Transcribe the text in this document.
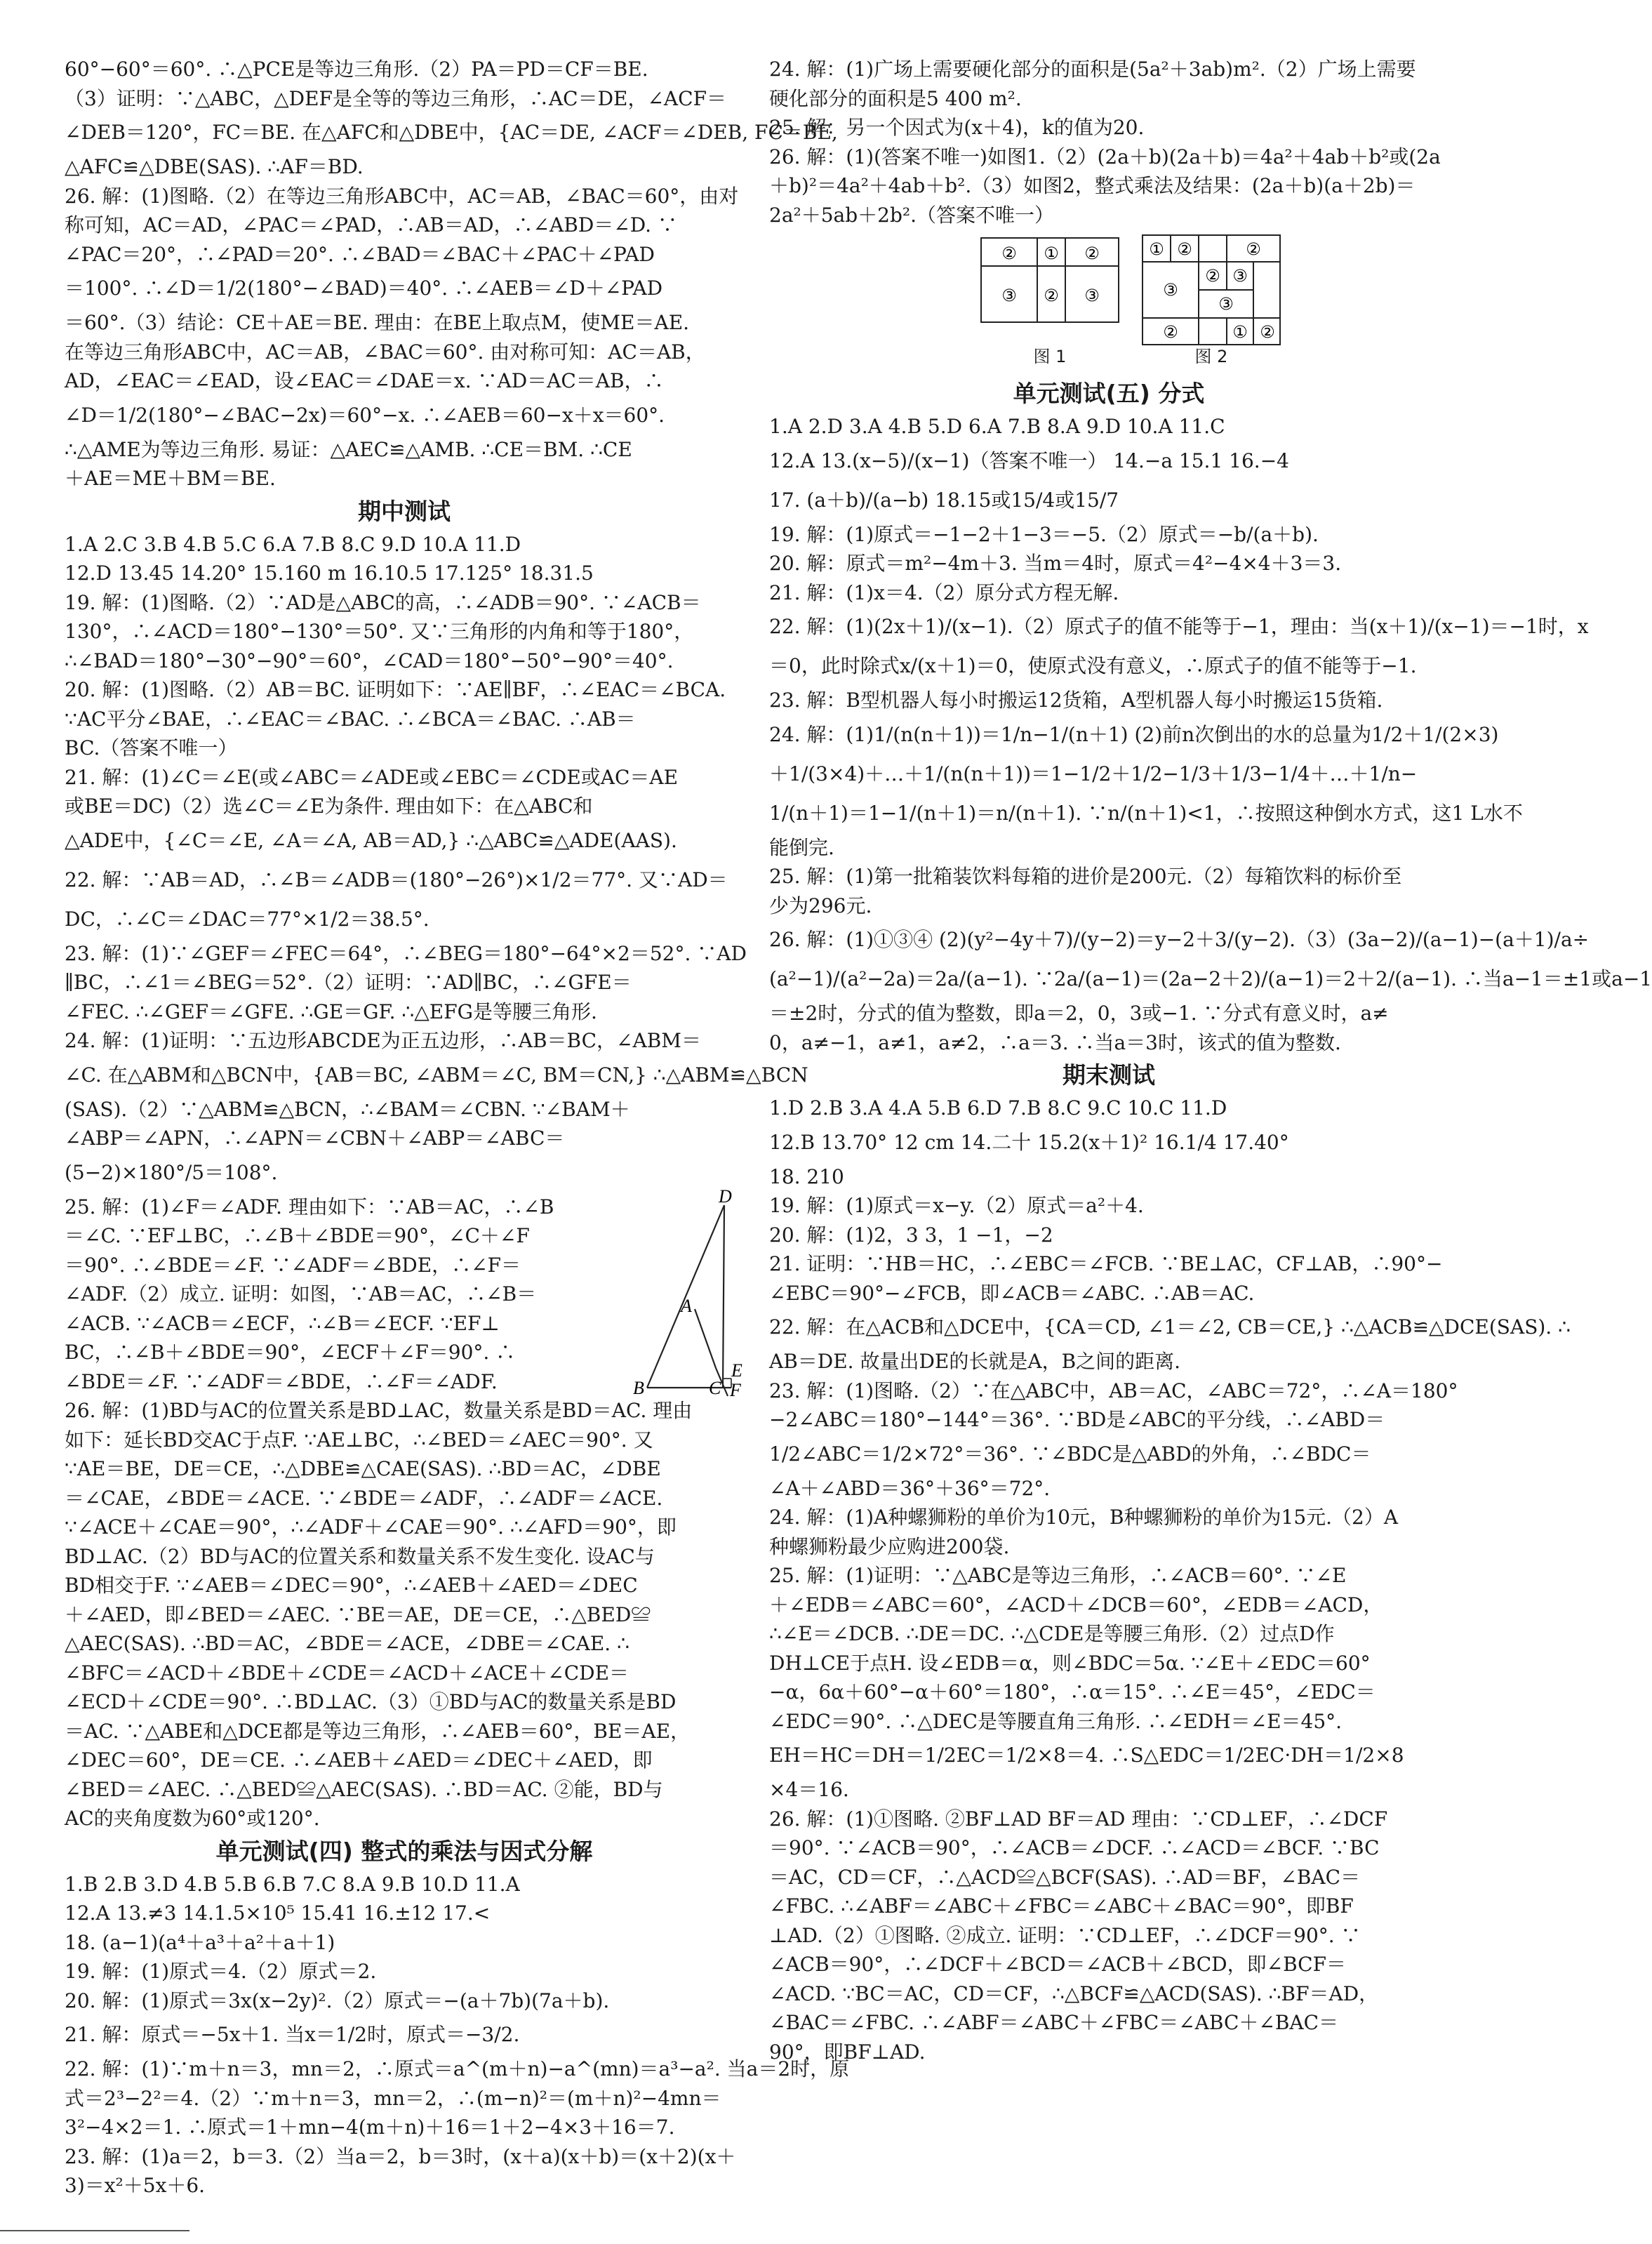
60°−60°＝60°. ∴△PCE是等边三角形.（2）PA＝PD＝CF＝BE.
（3）证明：∵△ABC，△DEF是全等的等边三角形，∴AC＝DE，∠ACF＝
∠DEB＝120°，FC＝BE. 在△AFC和△DBE中，{AC＝DE, ∠ACF＝∠DEB, FC＝BE,
△AFC≌△DBE(SAS). ∴AF＝BD.
26. 解：(1)图略.（2）在等边三角形ABC中，AC＝AB，∠BAC＝60°，由对
称可知，AC＝AD，∠PAC＝∠PAD，∴AB＝AD，∴∠ABD＝∠D. ∵
∠PAC＝20°，∴∠PAD＝20°. ∴∠BAD＝∠BAC＋∠PAC＋∠PAD
＝100°. ∴∠D＝1/2(180°−∠BAD)＝40°. ∴∠AEB＝∠D＋∠PAD
＝60°.（3）结论：CE＋AE＝BE. 理由：在BE上取点M，使ME＝AE.
在等边三角形ABC中，AC＝AB，∠BAC＝60°. 由对称可知：AC＝AB，
AD，∠EAC＝∠EAD，设∠EAC＝∠DAE＝x. ∵AD＝AC＝AB，∴
∠D＝1/2(180°−∠BAC−2x)＝60°−x. ∴∠AEB＝60−x＋x＝60°.
∴△AME为等边三角形. 易证：△AEC≌△AMB. ∴CE＝BM. ∴CE
＋AE＝ME＋BM＝BE.
期中测试
1.A 2.C 3.B 4.B 5.C 6.A 7.B 8.C 9.D 10.A 11.D
12.D 13.45 14.20° 15.160 m 16.10.5 17.125° 18.31.5
19. 解：(1)图略.（2）∵AD是△ABC的高，∴∠ADB＝90°. ∵∠ACB＝
130°，∴∠ACD＝180°−130°＝50°. 又∵三角形的内角和等于180°，
∴∠BAD＝180°−30°−90°＝60°，∠CAD＝180°−50°−90°＝40°.
20. 解：(1)图略.（2）AB＝BC. 证明如下：∵AE∥BF，∴∠EAC＝∠BCA.
∵AC平分∠BAE，∴∠EAC＝∠BAC. ∴∠BCA＝∠BAC. ∴AB＝
BC.（答案不唯一）
21. 解：(1)∠C＝∠E(或∠ABC＝∠ADE或∠EBC＝∠CDE或AC＝AE
或BE＝DC)（2）选∠C＝∠E为条件. 理由如下：在△ABC和
△ADE中，{∠C＝∠E, ∠A＝∠A, AB＝AD,} ∴△ABC≌△ADE(AAS).
22. 解：∵AB＝AD，∴∠B＝∠ADB＝(180°−26°)×1/2＝77°. 又∵AD＝
DC，∴∠C＝∠DAC＝77°×1/2＝38.5°.
23. 解：(1)∵∠GEF＝∠FEC＝64°，∴∠BEG＝180°−64°×2＝52°. ∵AD
∥BC，∴∠1＝∠BEG＝52°.（2）证明：∵AD∥BC，∴∠GFE＝
∠FEC. ∴∠GEF＝∠GFE. ∴GE＝GF. ∴△EFG是等腰三角形.
24. 解：(1)证明：∵五边形ABCDE为正五边形，∴AB＝BC，∠ABM＝
∠C. 在△ABM和△BCN中，{AB＝BC, ∠ABM＝∠C, BM＝CN,} ∴△ABM≌△BCN
(SAS).（2）∵△ABM≌△BCN，∴∠BAM＝∠CBN. ∵∠BAM＋
∠ABP＝∠APN，∴∠APN＝∠CBN＋∠ABP＝∠ABC＝
(5−2)×180°/5＝108°.
25. 解：(1)∠F＝∠ADF. 理由如下：∵AB＝AC，∴∠B
＝∠C. ∵EF⊥BC，∴∠B＋∠BDE＝90°，∠C＋∠F
＝90°. ∴∠BDE＝∠F. ∵∠ADF＝∠BDE，∴∠F＝
∠ADF.（2）成立. 证明：如图，∵AB＝AC，∴∠B＝
∠ACB. ∵∠ACB＝∠ECF，∴∠B＝∠ECF. ∵EF⊥
BC，∴∠B＋∠BDE＝90°，∠ECF＋∠F＝90°. ∴
∠BDE＝∠F. ∵∠ADF＝∠BDE，∴∠F＝∠ADF.
D
A
B	C
E
F
26. 解：(1)BD与AC的位置关系是BD⊥AC，数量关系是BD＝AC. 理由
如下：延长BD交AC于点F. ∵AE⊥BC，∴∠BED＝∠AEC＝90°. 又
∵AE＝BE，DE＝CE，∴△DBE≌△CAE(SAS). ∴BD＝AC，∠DBE
＝∠CAE，∠BDE＝∠ACE. ∵∠BDE＝∠ADF，∴∠ADF＝∠ACE.
∵∠ACE＋∠CAE＝90°，∴∠ADF＋∠CAE＝90°. ∴∠AFD＝90°，即
BD⊥AC.（2）BD与AC的位置关系和数量关系不发生变化. 设AC与
BD相交于F. ∵∠AEB＝∠DEC＝90°，∴∠AEB＋∠AED＝∠DEC
＋∠AED，即∠BED＝∠AEC. ∵BE＝AE，DE＝CE，∴△BED≌
△AEC(SAS). ∴BD＝AC，∠BDE＝∠ACE，∠DBE＝∠CAE. ∴
∠BFC＝∠ACD＋∠BDE＋∠CDE＝∠ACD＋∠ACE＋∠CDE＝
∠ECD＋∠CDE＝90°. ∴BD⊥AC.（3）①BD与AC的数量关系是BD
＝AC. ∵△ABE和△DCE都是等边三角形，∴∠AEB＝60°，BE＝AE，
∠DEC＝60°，DE＝CE. ∴∠AEB＋∠AED＝∠DEC＋∠AED，即
∠BED＝∠AEC. ∴△BED≌△AEC(SAS). ∴BD＝AC. ②能，BD与
AC的夹角度数为60°或120°.
单元测试(四) 整式的乘法与因式分解
1.B 2.B 3.D 4.B 5.B 6.B 7.C 8.A 9.B 10.D 11.A
12.A 13.≠3 14.1.5×10⁵ 15.41 16.±12 17.<
18. (a−1)(a⁴＋a³＋a²＋a＋1)
19. 解：(1)原式＝4.（2）原式＝2.
20. 解：(1)原式＝3x(x−2y)².（2）原式＝−(a＋7b)(7a＋b).
21. 解：原式＝−5x＋1. 当x＝1/2时，原式＝−3/2.
22. 解：(1)∵m＋n＝3，mn＝2，∴原式＝a^(m＋n)−a^(mn)＝a³−a². 当a＝2时，原
式＝2³−2²＝4.（2）∵m＋n＝3，mn＝2，∴(m−n)²＝(m＋n)²−4mn＝
3²−4×2＝1. ∴原式＝1＋mn−4(m＋n)＋16＝1＋2−4×3＋16＝7.
23. 解：(1)a＝2，b＝3.（2）当a＝2，b＝3时，(x＋a)(x＋b)＝(x＋2)(x＋
3)＝x²＋5x＋6.
24. 解：(1)广场上需要硬化部分的面积是(5a²＋3ab)m².（2）广场上需要
硬化部分的面积是5 400 m².
25. 解：另一个因式为(x＋4)，k的值为20.
26. 解：(1)(答案不唯一)如图1.（2）(2a＋b)(2a＋b)＝4a²＋4ab＋b²或(2a
＋b)²＝4a²＋4ab＋b².（3）如图2，整式乘法及结果：(2a＋b)(a＋2b)＝
2a²＋5ab＋2b².（答案不唯一）
② ① ②
③ ② ③
图 1
① ②	②
③
② ③
③
②	① ②
图 2
单元测试(五) 分式
1.A 2.D 3.A 4.B 5.D 6.A 7.B 8.A 9.D 10.A 11.C
12.A 13.(x−5)/(x−1)（答案不唯一） 14.−a 15.1 16.−4
17. (a＋b)/(a−b) 18.15或15/4或15/7
19. 解：(1)原式＝−1−2＋1−3＝−5.（2）原式＝−b/(a＋b).
20. 解：原式＝m²−4m＋3. 当m＝4时，原式＝4²−4×4＋3＝3.
21. 解：(1)x＝4.（2）原分式方程无解.
22. 解：(1)(2x＋1)/(x−1).（2）原式子的值不能等于−1，理由：当(x＋1)/(x−1)＝−1时，x
＝0，此时除式x/(x＋1)＝0，使原式没有意义，∴原式子的值不能等于−1.
23. 解：B型机器人每小时搬运12货箱，A型机器人每小时搬运15货箱.
24. 解：(1)1/(n(n＋1))＝1/n−1/(n＋1) (2)前n次倒出的水的总量为1/2＋1/(2×3)
＋1/(3×4)＋…＋1/(n(n＋1))＝1−1/2＋1/2−1/3＋1/3−1/4＋…＋1/n−
1/(n＋1)＝1−1/(n＋1)＝n/(n＋1). ∵n/(n＋1)<1，∴按照这种倒水方式，这1 L水不
能倒完.
25. 解：(1)第一批箱装饮料每箱的进价是200元.（2）每箱饮料的标价至
少为296元.
26. 解：(1)①③④ (2)(y²−4y＋7)/(y−2)＝y−2＋3/(y−2).（3）(3a−2)/(a−1)−(a＋1)/a÷
(a²−1)/(a²−2a)＝2a/(a−1). ∵2a/(a−1)＝(2a−2＋2)/(a−1)＝2＋2/(a−1). ∴当a−1＝±1或a−1
＝±2时，分式的值为整数，即a＝2，0，3或−1. ∵分式有意义时，a≠
0，a≠−1，a≠1，a≠2，∴a＝3. ∴当a＝3时，该式的值为整数.
期末测试
1.D 2.B 3.A 4.A 5.B 6.D 7.B 8.C 9.C 10.C 11.D
12.B 13.70° 12 cm 14.二十 15.2(x＋1)² 16.1/4 17.40°
18. 210
19. 解：(1)原式＝x−y.（2）原式＝a²＋4.
20. 解：(1)2，3 3，1 −1，−2
21. 证明：∵HB＝HC，∴∠EBC＝∠FCB. ∵BE⊥AC，CF⊥AB，∴90°−
∠EBC＝90°−∠FCB，即∠ACB＝∠ABC. ∴AB＝AC.
22. 解：在△ACB和△DCE中，{CA＝CD, ∠1＝∠2, CB＝CE,} ∴△ACB≌△DCE(SAS). ∴
AB＝DE. 故量出DE的长就是A，B之间的距离.
23. 解：(1)图略.（2）∵在△ABC中，AB＝AC，∠ABC＝72°，∴∠A＝180°
−2∠ABC＝180°−144°＝36°. ∵BD是∠ABC的平分线，∴∠ABD＝
1/2∠ABC＝1/2×72°＝36°. ∵∠BDC是△ABD的外角，∴∠BDC＝
∠A＋∠ABD＝36°＋36°＝72°.
24. 解：(1)A种螺狮粉的单价为10元，B种螺狮粉的单价为15元.（2）A
种螺狮粉最少应购进200袋.
25. 解：(1)证明：∵△ABC是等边三角形，∴∠ACB＝60°. ∵∠E
＋∠EDB＝∠ABC＝60°，∠ACD＋∠DCB＝60°，∠EDB＝∠ACD，
∴∠E＝∠DCB. ∴DE＝DC. ∴△CDE是等腰三角形.（2）过点D作
DH⊥CE于点H. 设∠EDB＝α，则∠BDC＝5α. ∵∠E＋∠EDC＝60°
−α，6α＋60°−α＋60°＝180°，∴α＝15°. ∴∠E＝45°，∠EDC＝
∠EDC＝90°. ∴△DEC是等腰直角三角形. ∴∠EDH＝∠E＝45°.
EH＝HC＝DH＝1/2EC＝1/2×8＝4. ∴S△EDC＝1/2EC·DH＝1/2×8
×4＝16.
26. 解：(1)①图略. ②BF⊥AD BF＝AD 理由：∵CD⊥EF，∴∠DCF
＝90°. ∵∠ACB＝90°，∴∠ACB＝∠DCF. ∴∠ACD＝∠BCF. ∵BC
＝AC，CD＝CF，∴△ACD≌△BCF(SAS). ∴AD＝BF，∠BAC＝
∠FBC. ∴∠ABF＝∠ABC＋∠FBC＝∠ABC＋∠BAC＝90°，即BF
⊥AD.（2）①图略. ②成立. 证明：∵CD⊥EF，∴∠DCF＝90°. ∵
∠ACB＝90°，∴∠DCF＋∠BCD＝∠ACB＋∠BCD，即∠BCF＝
∠ACD. ∵BC＝AC，CD＝CF，∴△BCF≌△ACD(SAS). ∴BF＝AD，
∠BAC＝∠FBC. ∴∠ABF＝∠ABC＋∠FBC＝∠ABC＋∠BAC＝
90°，即BF⊥AD.
